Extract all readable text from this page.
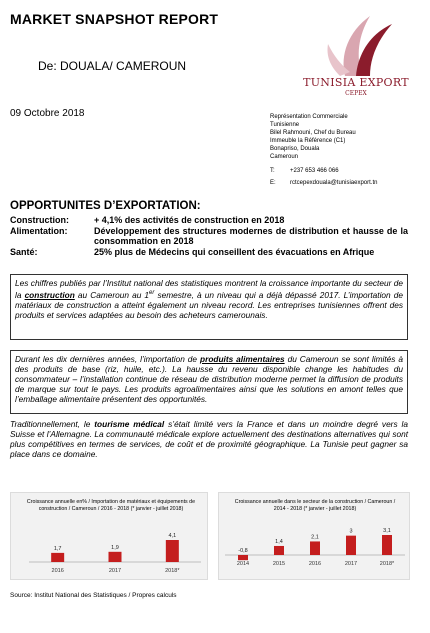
MARKET SNAPSHOT REPORT
De: DOUALA/ CAMEROUN
09 Octobre 2018
TUNISIA EXPORT
CEPEX
Représentation Commerciale
Tunisienne
Bilel Rahmouni, Chef du Bureau
Immeuble la Référence (C1)
Bonapriso, Douala
Cameroun
T:	+237 653 466 066
E:	rctcepexdouala@tunisiaexport.tn
OPPORTUNITES D’EXPORTATION:
Construction:	+ 4,1% des activités de construction en 2018
Alimentation:	Développement des structures modernes de distribution et hausse de la consommation en 2018
Santé:	25% plus de Médecins qui conseillent des évacuations en Afrique
Les chiffres publiés par l’Institut national des statistiques montrent la croissance importante du secteur de la construction au Cameroun au 1er semestre, à un niveau qui a déjà dépassé 2017. L’importation de matériaux de construction a atteint également un niveau record. Les entreprises tunisiennes offrent des produits et services adaptées au besoin des acheteurs camerounais.
Durant les dix dernières années, l’importation de produits alimentaires du Cameroun se sont limités à des produits de base (riz, huile, etc.). La hausse du revenu disponible change les habitudes du consommateur – l’installation continue de réseau de distribution moderne permet la diffusion de produits de marque sur tout le pays. Les produits agroalimentaires ainsi que les solutions en amont telles que l’emballage alimentaire présentent des opportunités.
Traditionnellement, le tourisme médical s’était limité vers la France et dans un moindre degré vers la Suisse et l’Allemagne. La communauté médicale explore actuellement des destinations alternatives qui sont plus compétitives en termes de services, de coût et de proximité géographique. La Tunisie peut gagner sa place dans ce domaine.
Croissance annuelle en% / Importation de matériaux et équipements de construction / Cameroun / 2016 - 2018 (* janvier - juillet 2018)
1,7
2016
1,9
2017
4,1
2018*
Croissance annuelle dans le secteur de la construction / Cameroun / 2014 - 2018 (* janvier - juillet 2018)
-0,8
2014
1,4
2015
2,1
2016
3
2017
3,1
2018*
Source: Institut National des Statistiques / Propres calculs
